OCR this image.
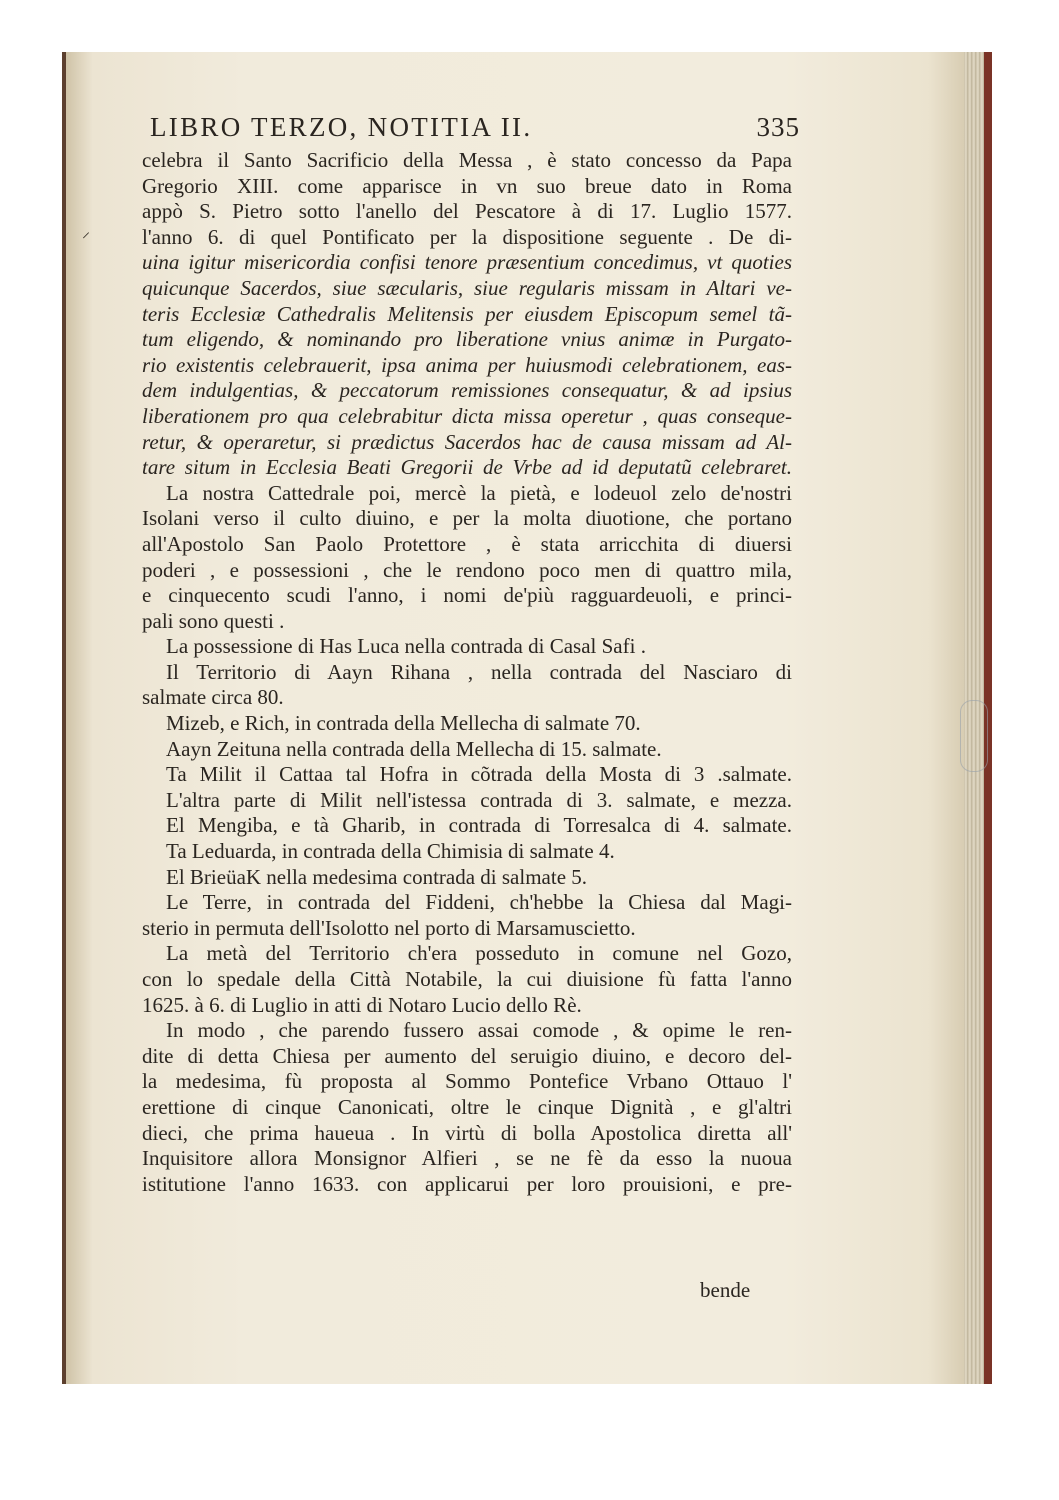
⸝
LIBRO TERZO, NOTITIA II.	335
celebra il Santo Sacrificio della Messa , è stato concesso da Papa
Gregorio XIII. come apparisce in vn suo breue dato in Roma
appò S. Pietro sotto l'anello del Pescatore à di 17. Luglio 1577.
l'anno 6. di quel Pontificato per la dispositione seguente . De di-
uina igitur misericordia confisi tenore præsentium concedimus, vt quoties
quicunque Sacerdos, siue sæcularis, siue regularis missam in Altari ve-
teris Ecclesiæ Cathedralis Melitensis per eiusdem Episcopum semel tã-
tum eligendo, & nominando pro liberatione vnius animæ in Purgato-
rio existentis celebrauerit, ipsa anima per huiusmodi celebrationem, eas-
dem indulgentias, & peccatorum remissiones consequatur, & ad ipsius
liberationem pro qua celebrabitur dicta missa operetur , quas conseque-
retur, & operaretur, si prædictus Sacerdos hac de causa missam ad Al-
tare situm in Ecclesia Beati Gregorii de Vrbe ad id deputatũ celebraret.
La nostra Cattedrale poi, mercè la pietà, e lodeuol zelo de'nostri
Isolani verso il culto diuino, e per la molta diuotione, che portano
all'Apostolo San Paolo Protettore , è stata arricchita di diuersi
poderi , e possessioni , che le rendono poco men di quattro mila,
e cinquecento scudi l'anno, i nomi de'più ragguardeuoli, e princi-
pali sono questi .
La possessione di Has Luca nella contrada di Casal Safi .
Il Territorio di Aayn Rihana , nella contrada del Nasciaro di
salmate circa 80.
Mizeb, e Rich, in contrada della Mellecha di salmate 70.
Aayn Zeituna nella contrada della Mellecha di 15. salmate.
Ta Milit il Cattaa tal Hofra in cõtrada della Mosta di 3 .salmate.
L'altra parte di Milit nell'istessa contrada di 3. salmate, e mezza.
El Mengiba, e tà Gharib, in contrada di Torresalca di 4. salmate.
Ta Leduarda, in contrada della Chimisia di salmate 4.
El BrieüaK nella medesima contrada di salmate 5.
Le Terre, in contrada del Fiddeni, ch'hebbe la Chiesa dal Magi-
sterio in permuta dell'Isolotto nel porto di Marsamuscietto.
La metà del Territorio ch'era posseduto in comune nel Gozo,
con lo spedale della Città Notabile, la cui diuisione fù fatta l'anno
1625. à 6. di Luglio in atti di Notaro Lucio dello Rè.
In modo , che parendo fussero assai comode , & opime le ren-
dite di detta Chiesa per aumento del seruigio diuino, e decoro del-
la medesima, fù proposta al Sommo Pontefice Vrbano Ottauo l'
erettione di cinque Canonicati, oltre le cinque Dignità , e gl'altri
dieci, che prima haueua . In virtù di bolla Apostolica diretta all'
Inquisitore allora Monsignor Alfieri , se ne fè da esso la nuoua
istitutione l'anno 1633. con applicarui per loro prouisioni, e pre-
bende
